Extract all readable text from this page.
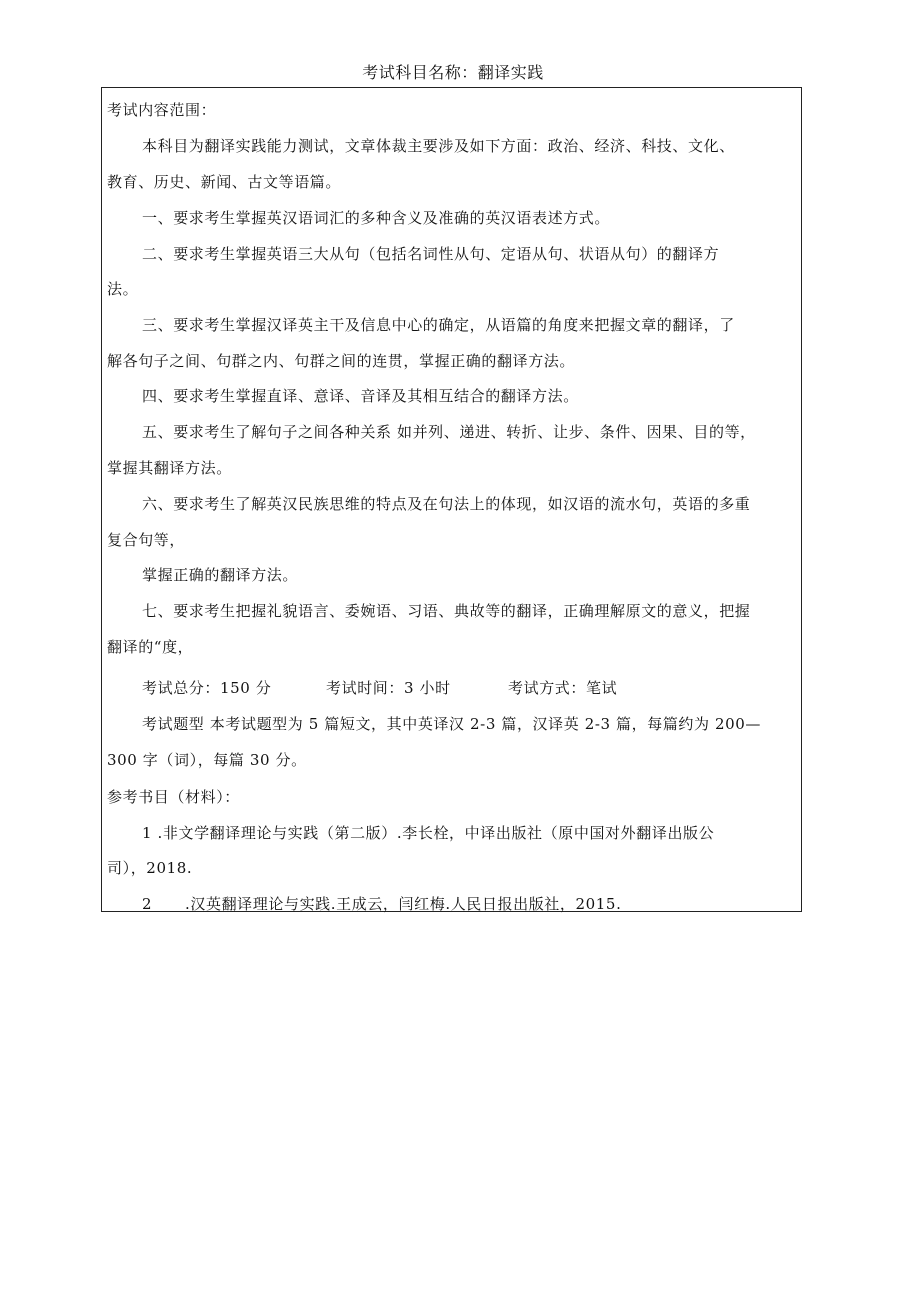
考试科目名称：翻译实践
考试内容范围：
本科目为翻译实践能力测试，文章体裁主要涉及如下方面：政治、经济、科技、文化、
教育、历史、新闻、古文等语篇。
一、要求考生掌握英汉语词汇的多种含义及准确的英汉语表述方式。
二、要求考生掌握英语三大从句（包括名词性从句、定语从句、状语从句）的翻译方
法。
三、要求考生掌握汉译英主干及信息中心的确定，从语篇的角度来把握文章的翻译，了
解各句子之间、句群之内、句群之间的连贯，掌握正确的翻译方法。
四、要求考生掌握直译、意译、音译及其相互结合的翻译方法。
五、要求考生了解句子之间各种关系 如并列、递进、转折、让步、条件、因果、目的等，
掌握其翻译方法。
六、要求考生了解英汉民族思维的特点及在句法上的体现，如汉语的流水句，英语的多重
复合句等，
掌握正确的翻译方法。
七、要求考生把握礼貌语言、委婉语、习语、典故等的翻译，正确理解原文的意义，把握
翻译的“度，
考试总分：150 分	考试时间：3 小时	考试方式：笔试
考试题型 本考试题型为 5 篇短文，其中英译汉 2-3 篇，汉译英 2-3 篇，每篇约为 200—
300 字（词），每篇 30 分。
参考书目（材料）：
1 .非文学翻译理论与实践（第二版）.李长栓，中译出版社（原中国对外翻译出版公
司），2018.
2 .汉英翻译理论与实践.王成云，闫红梅.人民日报出版社，2015.
